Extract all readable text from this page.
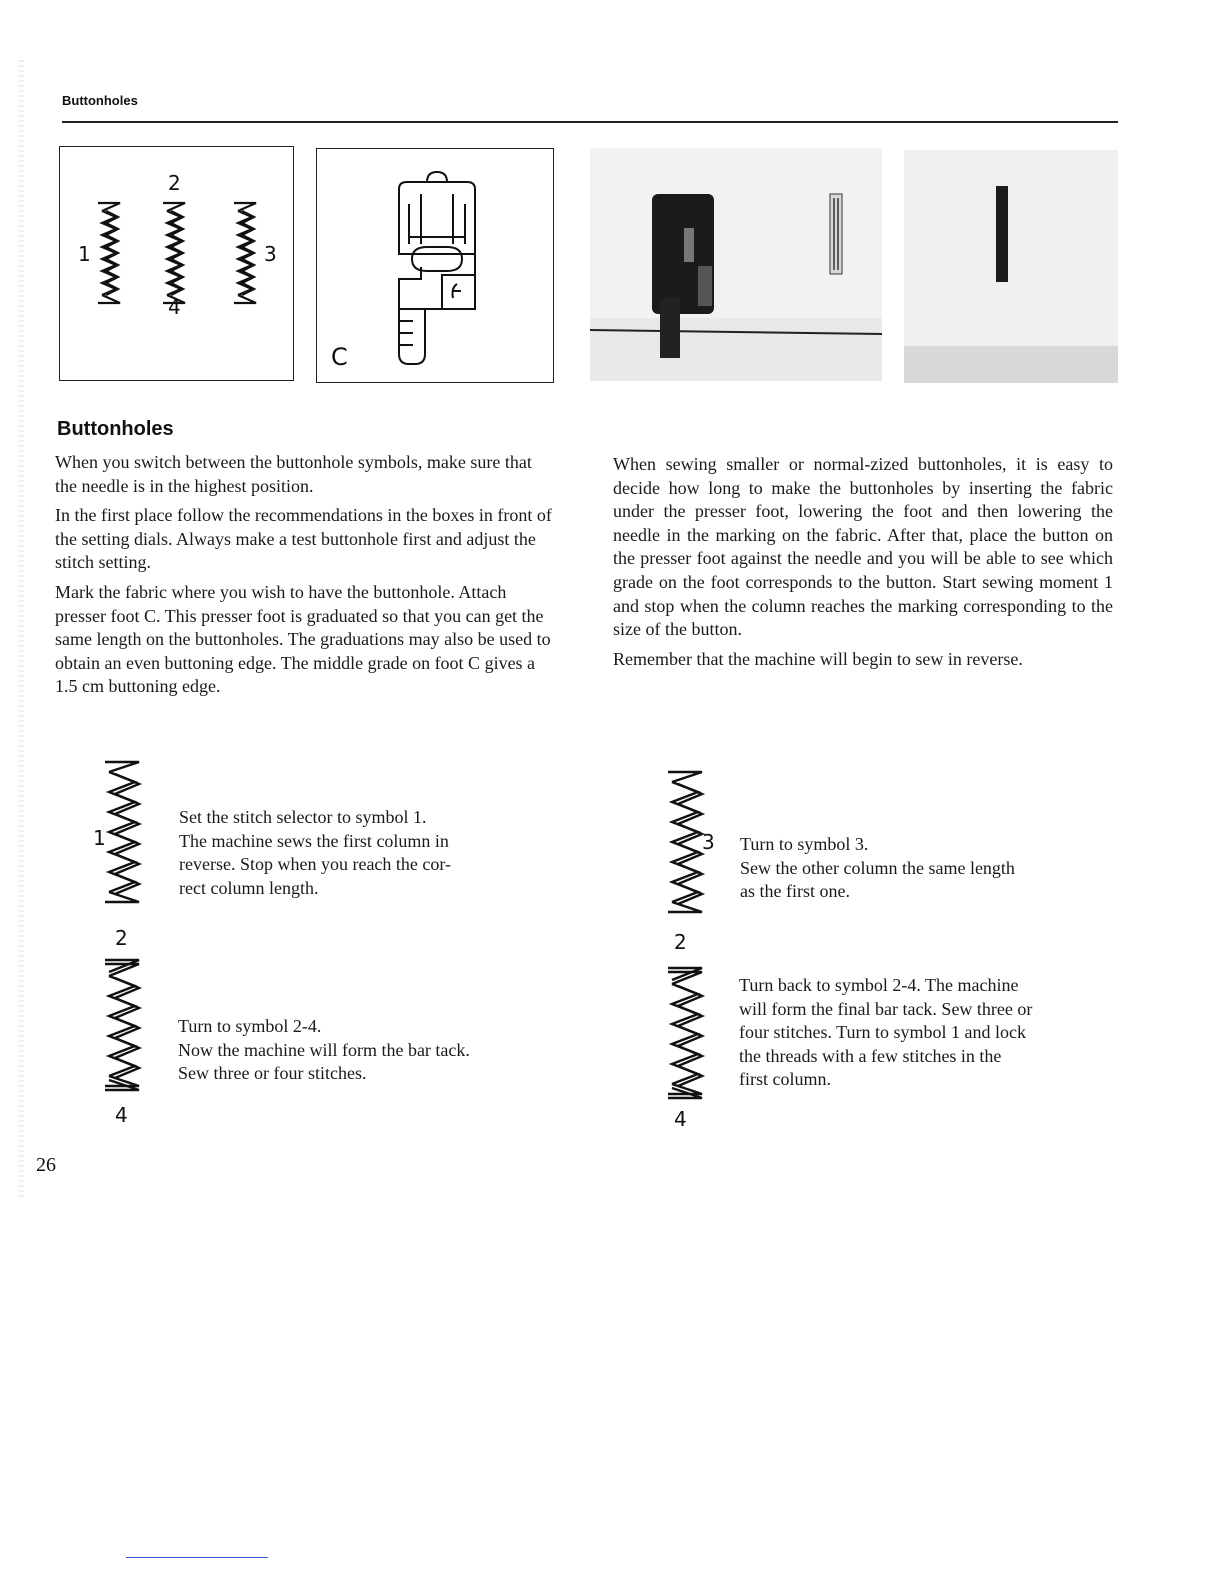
Buttonholes
2
1	3
4
C
Buttonholes

When you switch between the buttonhole symbols, make sure that the needle is in the highest position.

In the first place follow the recommendations in the boxes in front of the setting dials. Always make a test buttonhole first and adjust the stitch setting.

Mark the fabric where you wish to have the buttonhole. Attach presser foot C. This presser foot is graduated so that you can get the same length on the buttonholes. The graduations may also be used to obtain an even buttoning edge. The middle grade on foot C gives a 1.5 cm buttoning edge.

When sewing smaller or normal-zized buttonholes, it is easy to decide how long to make the buttonholes by inserting the fabric under the presser foot, lowering the foot and then lowering the needle in the marking on the fabric. After that, place the button on the presser foot against the needle and you will be able to see which grade on the foot corresponds to the button. Start sewing moment 1 and stop when the column reaches the marking corresponding to the size of the button.

Remember that the machine will begin to sew in reverse.

1
2
4
3
2
4
Set the stitch selector to symbol 1.
The machine sews the first column in
reverse. Stop when you reach the cor-
rect column length.
Turn to symbol 2-4.
Now the machine will form the bar tack.
Sew three or four stitches.
Turn to symbol 3.
Sew the other column the same length
as the first one.
Turn back to symbol 2-4. The machine
will form the final bar tack. Sew three or
four stitches. Turn to symbol 1 and lock
the threads with a few stitches in the
first column.
26
